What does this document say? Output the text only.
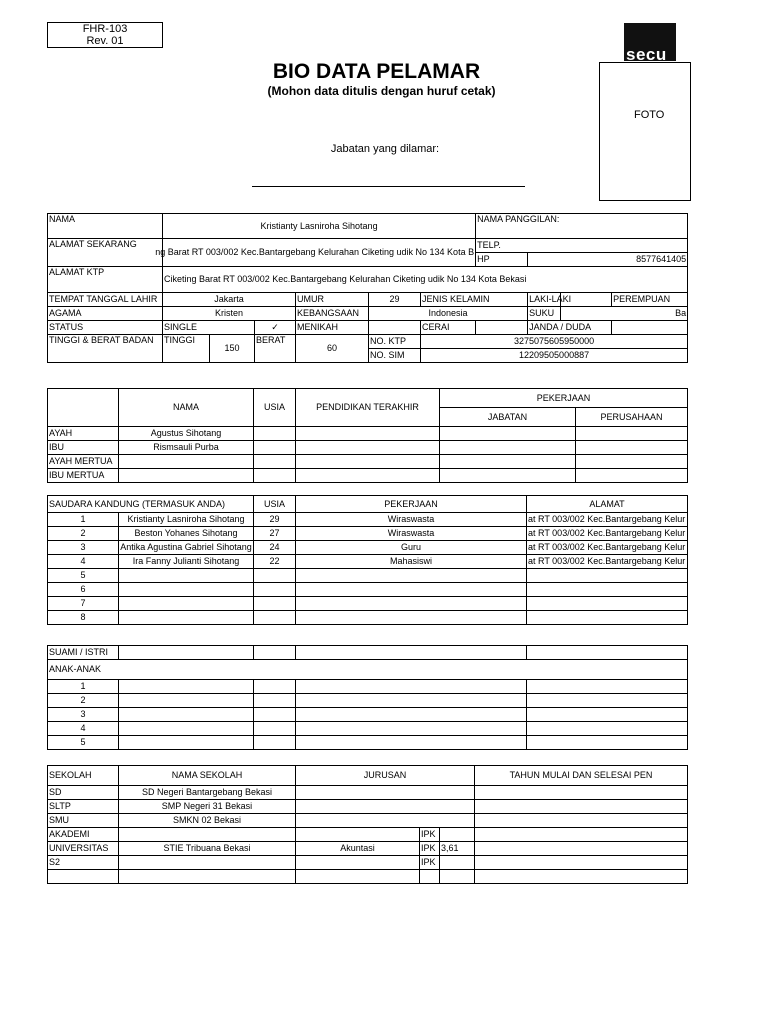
FHR-103
Rev. 01
secu
BIO DATA PELAMAR
(Mohon data ditulis dengan huruf cetak)
Jabatan yang dilamar:
FOTO
NAMA	Kristianty Lasniroha Sihotang						NAMA PANGGILAN:			
ALAMAT SEKARANG	ng Barat RT 003/002 Kec.Bantargebang Kelurahan Ciketing udik No 134 Kota B						TELP.			
							HP	8577641405		
ALAMAT KTP	Ciketing Barat RT 003/002 Kec.Bantargebang Kelurahan Ciketing udik No 134 Kota Bekasi									
TEMPAT TANGGAL LAHIR	Jakarta			UMUR	29	JENIS KELAMIN		LAKI-LAKI		PEREMPUAN
AGAMA	Kristen			KEBANGSAAN	Indonesia			SUKU	Ba	
STATUS	SINGLE		✓	MENIKAH		CERAI		JANDA / DUDA		
TINGGI & BERAT BADAN	TINGGI	150	BERAT	60	NO. KTP	3275075605950000				
					NO. SIM	12209505000887				
	NAMA	USIA	PENDIDIKAN TERAKHIR	PEKERJAAN	
				JABATAN	PERUSAHAAN
AYAH	Agustus Sihotang				
IBU	Rismsauli Purba				
AYAH MERTUA					
IBU MERTUA					
SAUDARA KANDUNG (TERMASUK ANDA)		USIA	PEKERJAAN	ALAMAT
1	Kristianty Lasniroha Sihotang	29	Wiraswasta	at RT 003/002 Kec.Bantargebang Kelur
2	Beston Yohanes Sihotang	27	Wiraswasta	at RT 003/002 Kec.Bantargebang Kelur
3	Antika Agustina Gabriel Sihotang	24	Guru	at RT 003/002 Kec.Bantargebang Kelur
4	Ira Fanny Julianti Sihotang	22	Mahasiswi	at RT 003/002 Kec.Bantargebang Kelur
5				
6				
7				
8				
SUAMI / ISTRI				
ANAK-ANAK				
1				
2				
3				
4				
5				
SEKOLAH	NAMA SEKOLAH	JURUSAN			TAHUN MULAI DAN SELESAI PEN
SD	SD Negeri Bantargebang Bekasi				
SLTP	SMP Negeri 31 Bekasi				
SMU	SMKN 02 Bekasi				
AKADEMI			IPK		
UNIVERSITAS	STIE Tribuana Bekasi	Akuntasi	IPK	3,61	
S2			IPK		
